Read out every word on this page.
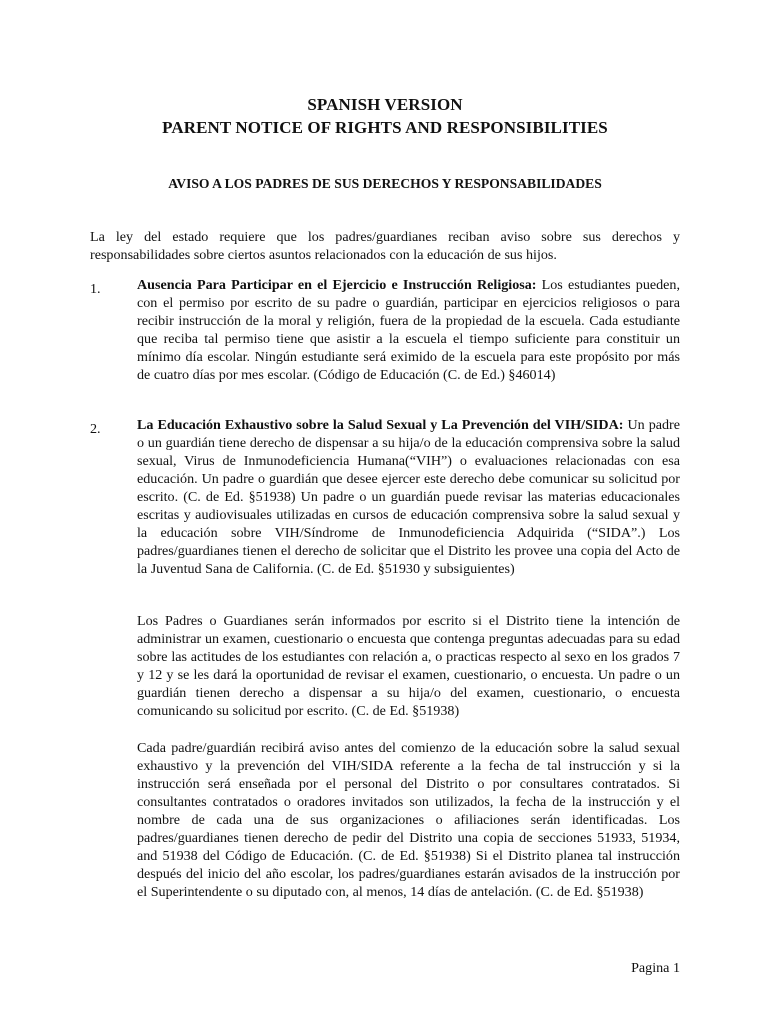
SPANISH VERSION
PARENT NOTICE OF RIGHTS AND RESPONSIBILITIES
AVISO A LOS PADRES DE SUS DERECHOS Y RESPONSABILIDADES

La ley del estado requiere que los padres/guardianes reciban aviso sobre sus derechos y responsabilidades sobre ciertos asuntos relacionados con la educación de sus hijos.

1.	Ausencia Para Participar en el Ejercicio e Instrucción Religiosa: Los estudiantes pueden, con el permiso por escrito de su padre o guardián, participar en ejercicios religiosos o para recibir instrucción de la moral y religión, fuera de la propiedad de la escuela. Cada estudiante que reciba tal permiso tiene que asistir a la escuela el tiempo suficiente para constituir un mínimo día escolar. Ningún estudiante será eximido de la escuela para este propósito por más de cuatro días por mes escolar. (Código de Educación (C. de Ed.) §46014)

2.	La Educación Exhaustivo sobre la Salud Sexual y La Prevención del VIH/SIDA: Un padre o un guardián tiene derecho de dispensar a su hija/o de la educación comprensiva sobre la salud sexual, Virus de Inmunodeficiencia Humana(“VIH”) o evaluaciones relacionadas con esa educación. Un padre o guardián que desee ejercer este derecho debe comunicar su solicitud por escrito. (C. de Ed. §51938) Un padre o un guardián puede revisar las materias educacionales escritas y audiovisuales utilizadas en cursos de educación comprensiva sobre la salud sexual y la educación sobre VIH/Síndrome de Inmunodeficiencia Adquirida (“SIDA”.) Los padres/guardianes tienen el derecho de solicitar que el Distrito les provee una copia del Acto de la Juventud Sana de California. (C. de Ed. §51930 y subsiguientes)

Los Padres o Guardianes serán informados por escrito si el Distrito tiene la intención de administrar un examen, cuestionario o encuesta que contenga preguntas adecuadas para su edad sobre las actitudes de los estudiantes con relación a, o practicas respecto al sexo en los grados 7 y 12 y se les dará la oportunidad de revisar el examen, cuestionario, o encuesta. Un padre o un guardián tienen derecho a dispensar a su hija/o del examen, cuestionario, o encuesta comunicando su solicitud por escrito. (C. de Ed. §51938)

Cada padre/guardián recibirá aviso antes del comienzo de la educación sobre la salud sexual exhaustivo y la prevención del VIH/SIDA referente a la fecha de tal instrucción y si la instrucción será enseñada por el personal del Distrito o por consultares contratados. Si consultantes contratados o oradores invitados son utilizados, la fecha de la instrucción y el nombre de cada una de sus organizaciones o afiliaciones serán identificadas. Los padres/guardianes tienen derecho de pedir del Distrito una copia de secciones 51933, 51934, and 51938 del Código de Educación. (C. de Ed. §51938) Si el Distrito planea tal instrucción después del inicio del año escolar, los padres/guardianes estarán avisados de la instrucción por el Superintendente o su diputado con, al menos, 14 días de antelación. (C. de Ed. §51938)

Pagina 1
